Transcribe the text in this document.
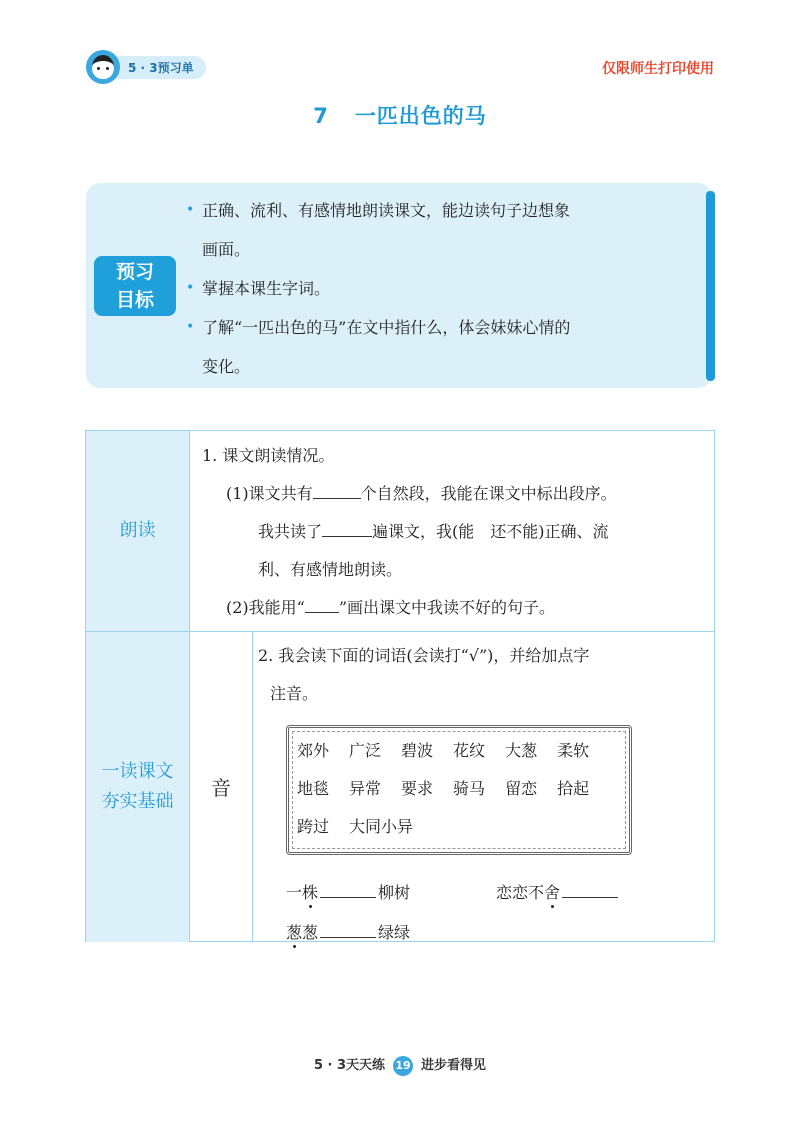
5 · 3预习单	仅限师生打印使用
7 一匹出色的马
预习
目标
• 正确、流利、有感情地朗读课文，能边读句子边想象
画面。
• 掌握本课生字词。
• 了解“一匹出色的马”在文中指什么，体会妹妹心情的
变化。
朗读
一读课文
夯实基础
1. 课文朗读情况。
(1)课文共有	个自然段，我能在课文中标出段序。
我共读了	遍课文，我(能　还不能)正确、流
利、有感情地朗读。
(2)我能用“ ”画出课文中我读不好的句子。
音
2. 我会读下面的词语(会读打“√”)，并给加点字
注音。
郊外 广泛 碧波 花纹 大葱 柔软
地毯 异常 要求 骑马 留恋 拾起
跨过 大同小异
一株	柳树	恋恋不舍
葱葱	绿绿
5 · 3天天练 19 进步看得见
